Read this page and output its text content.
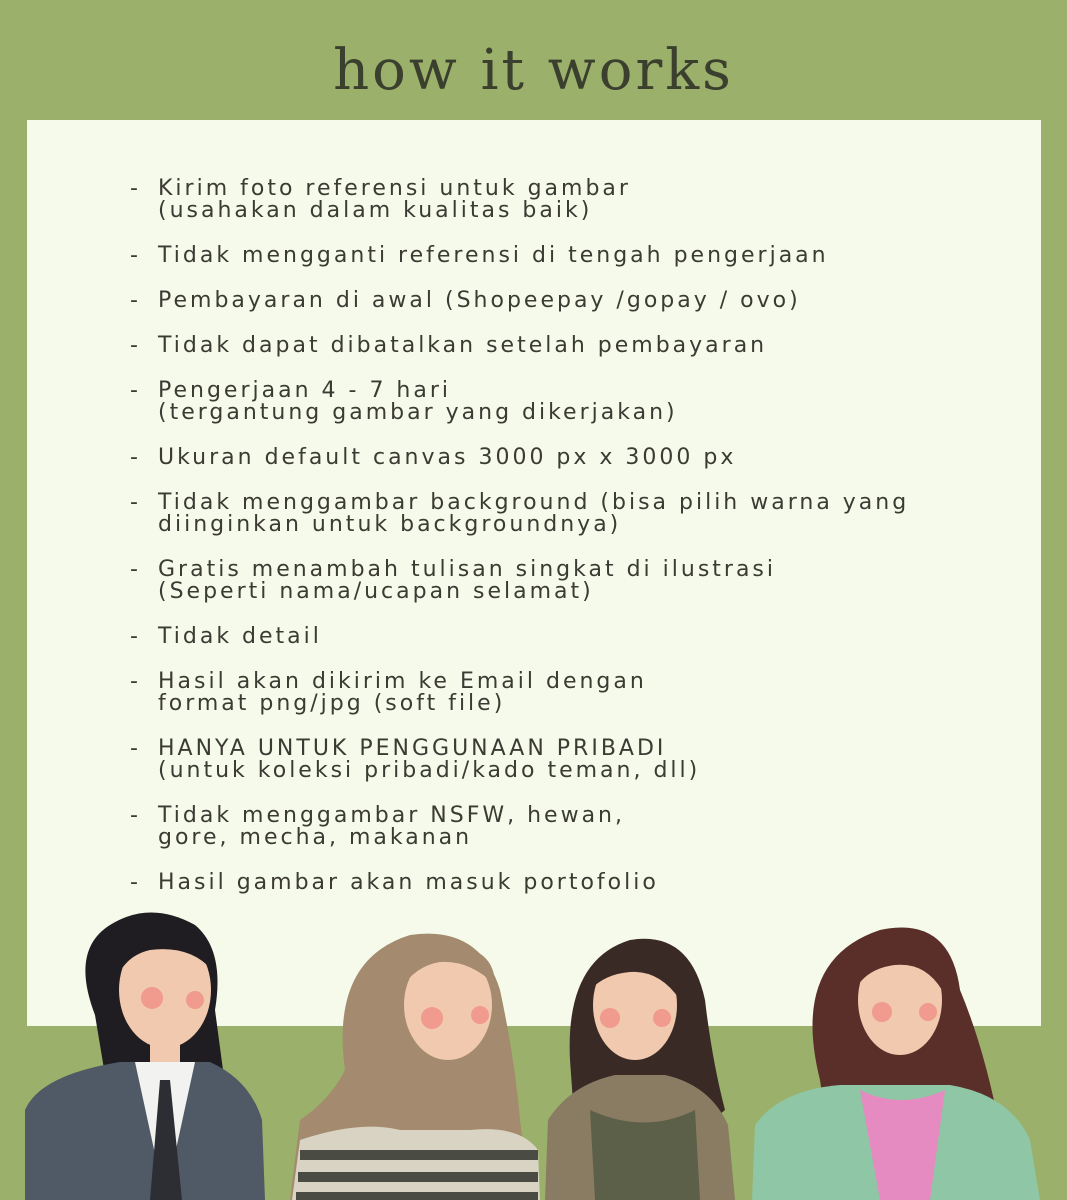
how it works
- Kirim foto referensi untuk gambar
(usahakan dalam kualitas baik)
- Tidak mengganti referensi di tengah pengerjaan
- Pembayaran di awal (Shopeepay /gopay / ovo)
- Tidak dapat dibatalkan setelah pembayaran
- Pengerjaan 4 - 7 hari
(tergantung gambar yang dikerjakan)
- Ukuran default canvas 3000 px x 3000 px
- Tidak menggambar background (bisa pilih warna yang
diinginkan untuk backgroundnya)
- Gratis menambah tulisan singkat di ilustrasi
(Seperti nama/ucapan selamat)
- Tidak detail
- Hasil akan dikirim ke Email dengan
format png/jpg (soft file)
- HANYA UNTUK PENGGUNAAN PRIBADI
(untuk koleksi pribadi/kado teman, dll)
- Tidak menggambar NSFW, hewan,
gore, mecha, makanan
- Hasil gambar akan masuk portofolio
